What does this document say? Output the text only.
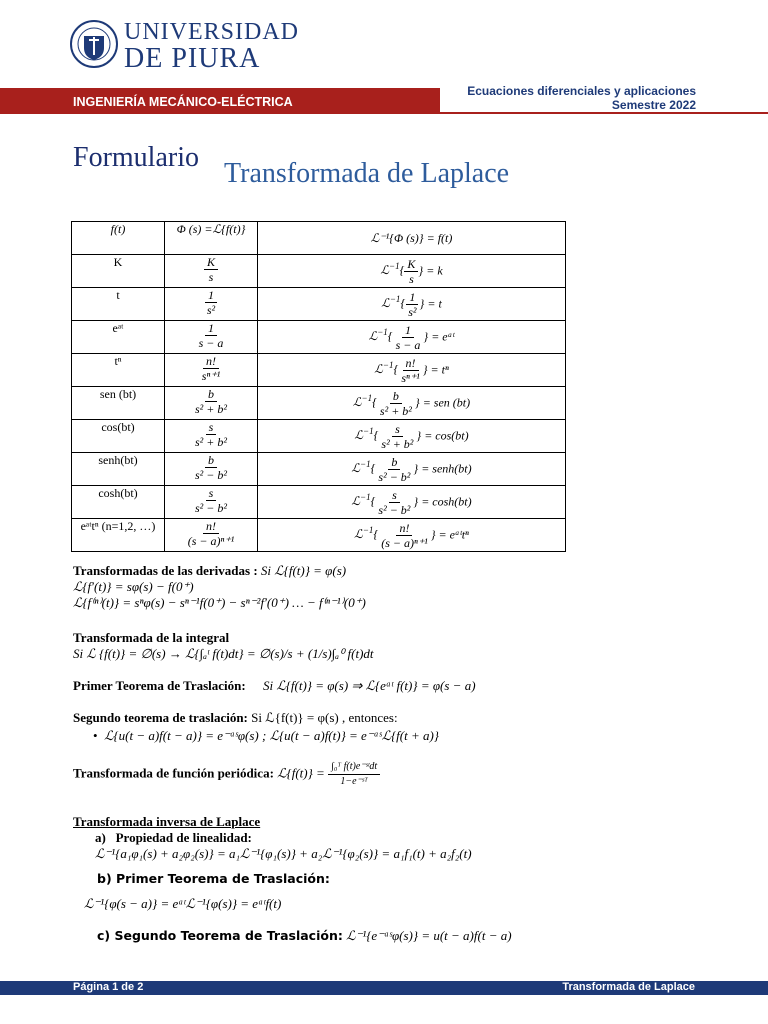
UNIVERSIDAD
DE PIURA
INGENIERÍA MECÁNICO-ELÉCTRICA
Ecuaciones diferenciales y aplicaciones
Semestre 2022
Formulario
Transformada de Laplace
f(t)	Φ (s) =ℒ{f(t)}	ℒ⁻¹{Φ (s)} = f(t)
K	$\frac{K}{s}$	ℒ$^{-1}${ $\frac{K}{s}$ } = k
t	$\frac{1}{\text{s²}}$	ℒ$^{-1}${ $\frac{1}{\text{s²}}$ } = t
eᵃᵗ	$\frac{1}{s - a}$	ℒ$^{-1}${ $\frac{1}{s - a}$ } = eᵃᵗ
tⁿ	$\frac{n!}{\text{sⁿ⁺¹}}$	ℒ$^{-1}${ $\frac{n!}{\text{sⁿ⁺¹}}$ } = tⁿ
sen (bt)	$\frac{b}{\text{s² + b²}}$	ℒ$^{-1}${ $\frac{b}{\text{s² + b²}}$ } = sen (bt)
cos(bt)	$\frac{s}{\text{s² + b²}}$	ℒ$^{-1}${ $\frac{s}{\text{s² + b²}}$ } = cos(bt)
senh(bt)	$\frac{b}{\text{s² − b²}}$	ℒ$^{-1}${ $\frac{b}{\text{s² − b²}}$ } = senh(bt)
cosh(bt)	$\frac{s}{\text{s² − b²}}$	ℒ$^{-1}${ $\frac{s}{\text{s² − b²}}$ } = cosh(bt)
eᵃᵗtⁿ (n=1,2, …)	$\frac{n!}{\text{(s − a)ⁿ⁺¹}}$	ℒ$^{-1}${ $\frac{n!}{\text{(s − a)ⁿ⁺¹}}$ } = eᵃᵗtⁿ
Transformadas de las derivadas : Si ℒ{f(t)} = φ(s)
ℒ{f′(t)} = sφ(s) − f(0⁺)
ℒ{f⁽ⁿ⁾(t)} = sⁿφ(s) − sⁿ⁻¹f(0⁺) − sⁿ⁻²f′(0⁺) … − f⁽ⁿ⁻¹⁾(0⁺)
Transformada de la integral
Si ℒ {f(t)} = ∅(s) → ℒ{∫ₐᵗ f(t)dt} = ∅(s)/s + (1/s)∫ₐ⁰ f(t)dt
Primer Teorema de Traslación: Si ℒ{f(t)} = φ(s) ⇒ ℒ{eᵃᵗ f(t)} = φ(s − a)
Segundo teorema de traslación: Si ℒ{f(t)} = φ(s) , entonces:
• ℒ{u(t − a)f(t − a)} = e⁻ᵃˢφ(s) ; ℒ{u(t − a)f(t)} = e⁻ᵃˢℒ{f(t + a)}
Transformada de función periódica: ℒ{f(t)} = $\frac{\text{∫₀ᵀ f(t)e⁻ˢᵗdt}}{\text{1−e⁻ˢᵀ}}$
Transformada inversa de Laplace
a) Propiedad de linealidad:
ℒ⁻¹{a₁φ₁(s) + a₂φ₂(s)} = a₁ℒ⁻¹{φ₁(s)} + a₂ℒ⁻¹{φ₂(s)} = a₁f₁(t) + a₂f₂(t)
b) Primer Teorema de Traslación:
ℒ⁻¹{φ(s − a)} = eᵃᵗℒ⁻¹{φ(s)} = eᵃᵗf(t)
c) Segundo Teorema de Traslación: ℒ⁻¹{e⁻ᵃˢφ(s)} = u(t − a)f(t − a)
Página 1 de 2	Transformada de Laplace
